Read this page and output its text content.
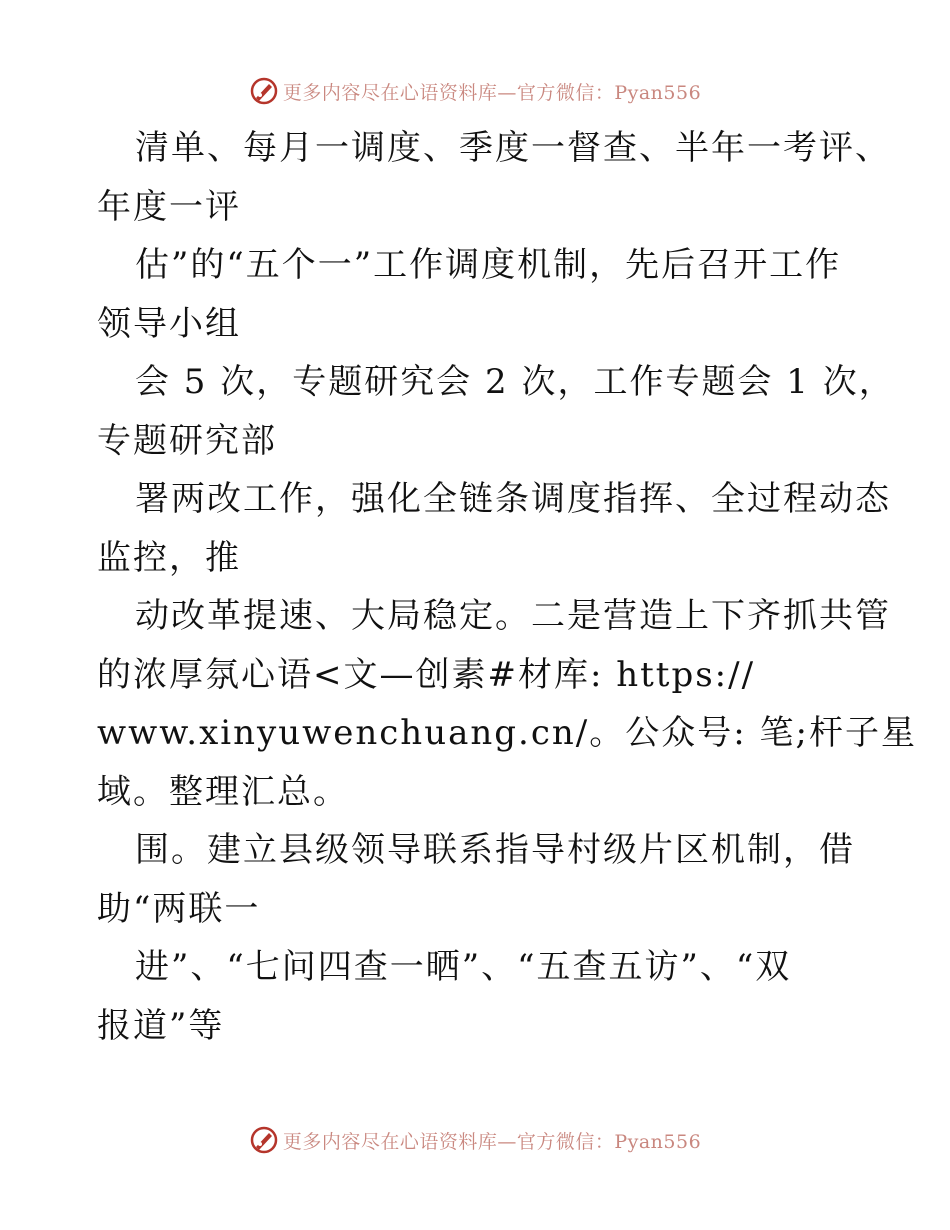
更多内容尽在心语资料库—官方微信：Pyan556
清单、每月一调度、季度一督查、半年一考评、
年度一评
估”的“五个一”工作调度机制，先后召开工作
领导小组
会 5 次，专题研究会 2 次，工作专题会 1 次，
专题研究部
署两改工作，强化全链条调度指挥、全过程动态
监控，推
动改革提速、大局稳定。二是营造上下齐抓共管
的浓厚氛心语<文—创素#材库: https://
www.xinyuwenchuang.cn/。公众号: 笔;杆子星
域。整理汇总。
围。建立县级领导联系指导村级片区机制，借
助“两联一
进”、“七问四查一晒”、“五查五访”、“双
报道”等
更多内容尽在心语资料库—官方微信：Pyan556
